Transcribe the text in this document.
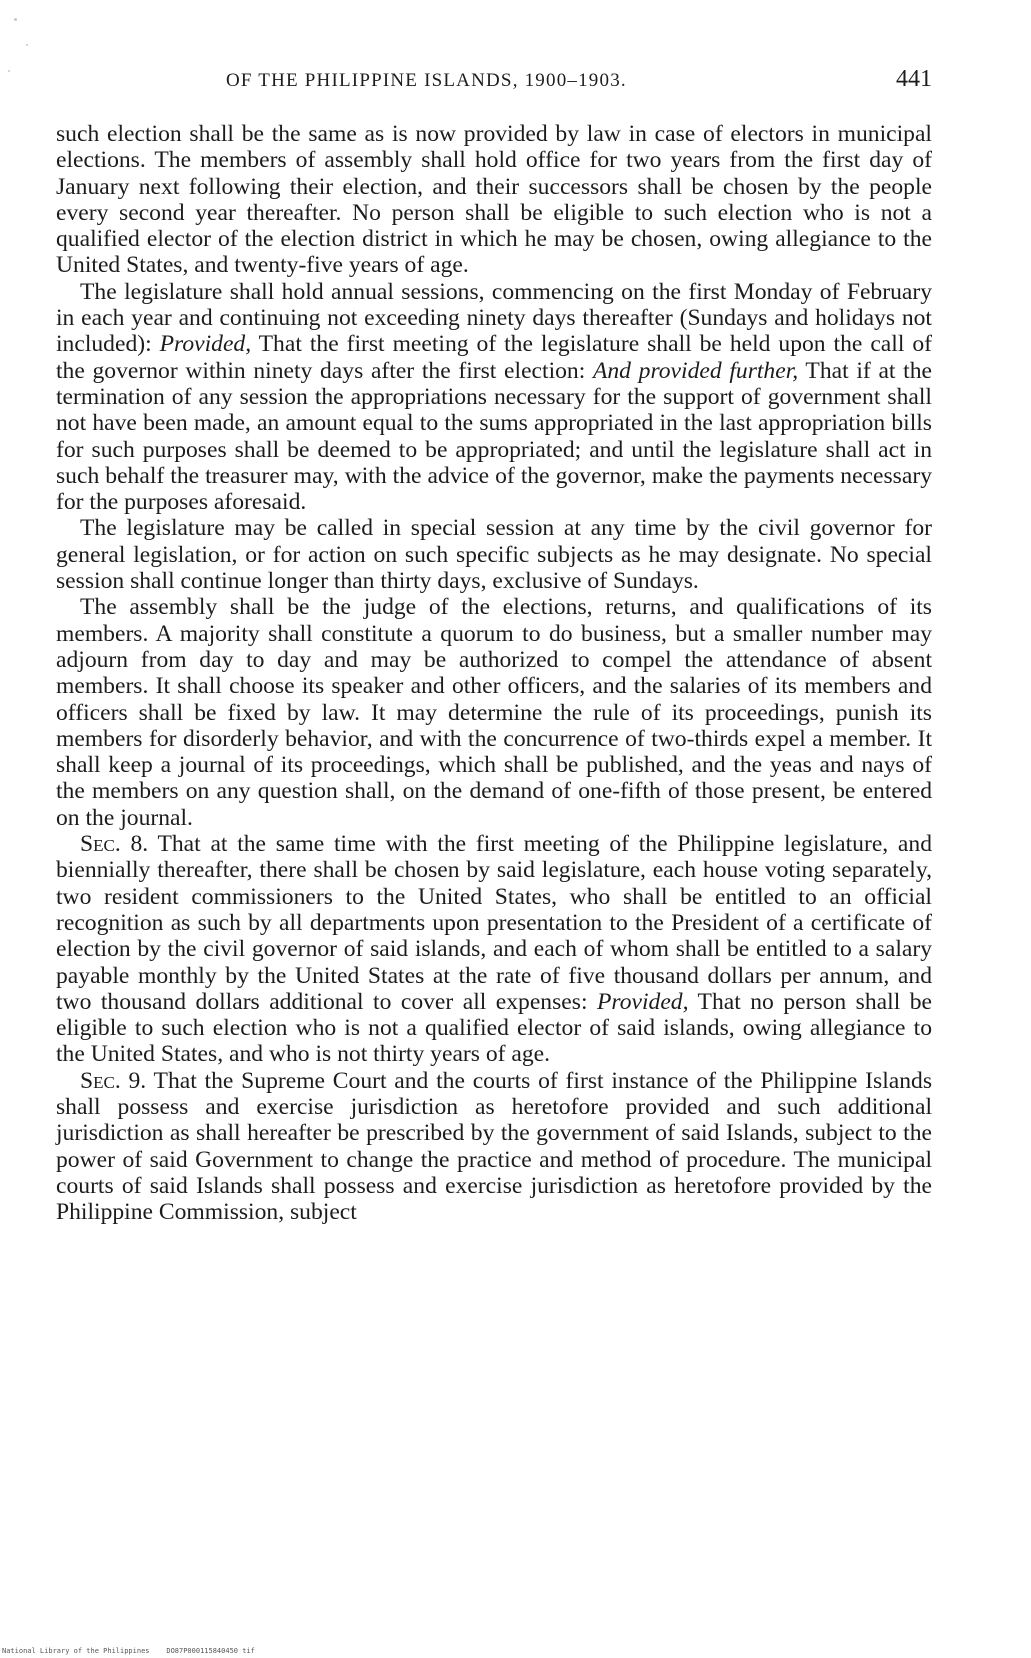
OF THE PHILIPPINE ISLANDS, 1900–1903.	441

such election shall be the same as is now provided by law in case of electors in municipal elections. The members of assembly shall hold office for two years from the first day of January next following their election, and their successors shall be chosen by the people every second year thereafter. No person shall be eligible to such election who is not a qualified elector of the election district in which he may be chosen, owing allegiance to the United States, and twenty-five years of age.

The legislature shall hold annual sessions, commencing on the first Monday of February in each year and continuing not exceeding ninety days thereafter (Sundays and holidays not included): Provided, That the first meeting of the legislature shall be held upon the call of the governor within ninety days after the first election: And provided further, That if at the termination of any session the appropriations necessary for the support of government shall not have been made, an amount equal to the sums appropriated in the last appropriation bills for such purposes shall be deemed to be appropriated; and until the legislature shall act in such behalf the treasurer may, with the advice of the governor, make the payments necessary for the purposes aforesaid.

The legislature may be called in special session at any time by the civil governor for general legislation, or for action on such specific subjects as he may designate. No special session shall continue longer than thirty days, exclusive of Sundays.

The assembly shall be the judge of the elections, returns, and qualifications of its members. A majority shall constitute a quorum to do business, but a smaller number may adjourn from day to day and may be authorized to compel the attendance of absent members. It shall choose its speaker and other officers, and the salaries of its members and officers shall be fixed by law. It may determine the rule of its proceedings, punish its members for disorderly behavior, and with the concurrence of two-thirds expel a member. It shall keep a journal of its proceedings, which shall be published, and the yeas and nays of the members on any question shall, on the demand of one-fifth of those present, be entered on the journal.

Sec. 8. That at the same time with the first meeting of the Philippine legislature, and biennially thereafter, there shall be chosen by said legislature, each house voting separately, two resident commissioners to the United States, who shall be entitled to an official recognition as such by all departments upon presentation to the President of a certificate of election by the civil governor of said islands, and each of whom shall be entitled to a salary payable monthly by the United States at the rate of five thousand dollars per annum, and two thousand dollars additional to cover all expenses: Provided, That no person shall be eligible to such election who is not a qualified elector of said islands, owing allegiance to the United States, and who is not thirty years of age.

Sec. 9. That the Supreme Court and the courts of first instance of the Philippine Islands shall possess and exercise jurisdiction as heretofore provided and such additional jurisdiction as shall hereafter be prescribed by the government of said Islands, subject to the power of said Government to change the practice and method of procedure. The municipal courts of said Islands shall possess and exercise jurisdiction as heretofore provided by the Philippine Commission, subject

National Library of the Philippines    DO87P000115840450 tif
